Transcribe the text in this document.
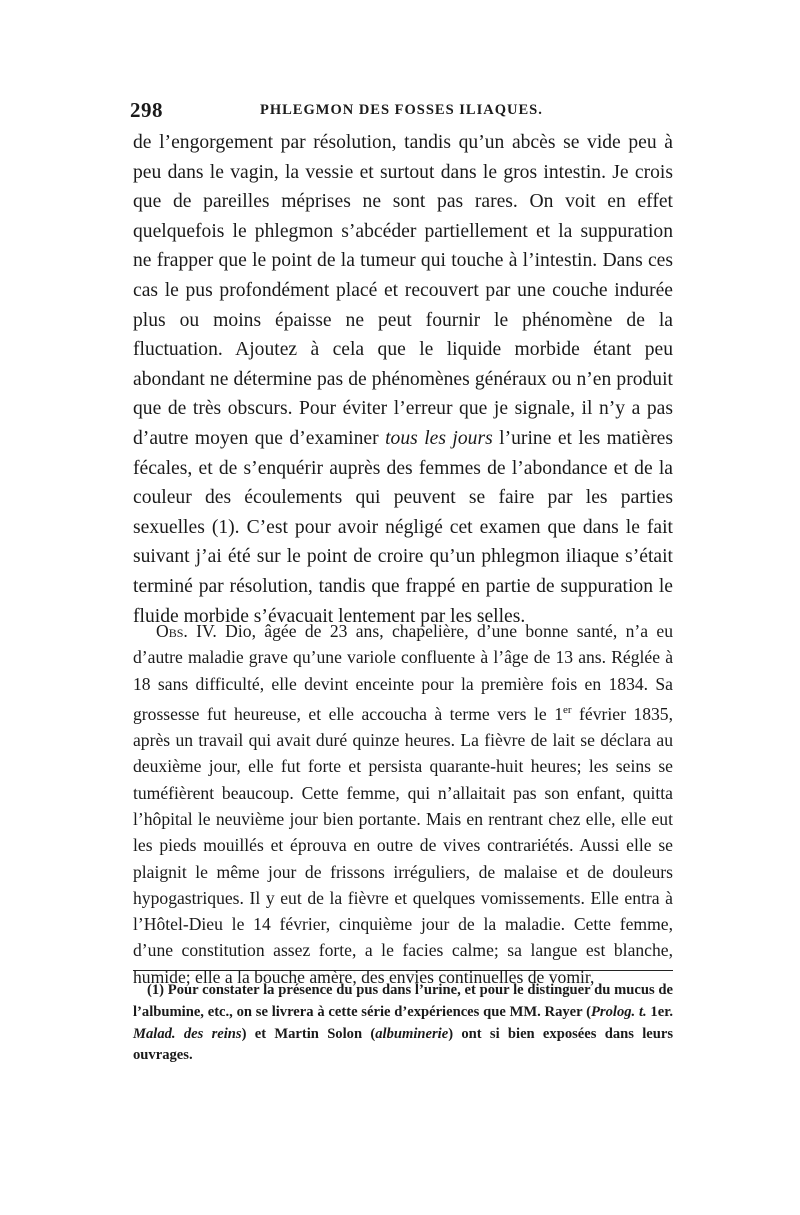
298	PHLEGMON DES FOSSES ILIAQUES.

de l’engorgement par résolution, tandis qu’un abcès se vide peu à peu dans le vagin, la vessie et surtout dans le gros intestin. Je crois que de pareilles méprises ne sont pas rares. On voit en effet quelquefois le phlegmon s’abcéder partiellement et la suppuration ne frapper que le point de la tumeur qui touche à l’intestin. Dans ces cas le pus profondément placé et recouvert par une couche indurée plus ou moins épaisse ne peut fournir le phénomène de la fluctuation. Ajoutez à cela que le liquide morbide étant peu abondant ne détermine pas de phénomènes généraux ou n’en produit que de très obscurs. Pour éviter l’erreur que je signale, il n’y a pas d’autre moyen que d’examiner tous les jours l’urine et les matières fécales, et de s’enquérir auprès des femmes de l’abondance et de la couleur des écoulements qui peuvent se faire par les parties sexuelles (1). C’est pour avoir négligé cet examen que dans le fait suivant j’ai été sur le point de croire qu’un phlegmon iliaque s’était terminé par résolution, tandis que frappé en partie de suppuration le fluide morbide s’évacuait lentement par les selles.

Obs. IV. Dio, âgée de 23 ans, chapelière, d’une bonne santé, n’a eu d’autre maladie grave qu’une variole confluente à l’âge de 13 ans. Réglée à 18 sans difficulté, elle devint enceinte pour la première fois en 1834. Sa grossesse fut heureuse, et elle accoucha à terme vers le 1er février 1835, après un travail qui avait duré quinze heures. La fièvre de lait se déclara au deuxième jour, elle fut forte et persista quarante-huit heures; les seins se tuméfièrent beaucoup. Cette femme, qui n’allaitait pas son enfant, quitta l’hôpital le neuvième jour bien portante. Mais en rentrant chez elle, elle eut les pieds mouillés et éprouva en outre de vives contrariétés. Aussi elle se plaignit le même jour de frissons irréguliers, de malaise et de douleurs hypogastriques. Il y eut de la fièvre et quelques vomissements. Elle entra à l’Hôtel-Dieu le 14 février, cinquième jour de la maladie. Cette femme, d’une constitution assez forte, a le facies calme; sa langue est blanche, humide; elle a la bouche amère, des envies continuelles de vomir,

(1) Pour constater la présence du pus dans l’urine, et pour le distinguer du mucus de l’albumine, etc., on se livrera à cette série d’expériences que MM. Rayer (Prolog. t. 1er. Malad. des reins) et Martin Solon (albuminerie) ont si bien exposées dans leurs ouvrages.
